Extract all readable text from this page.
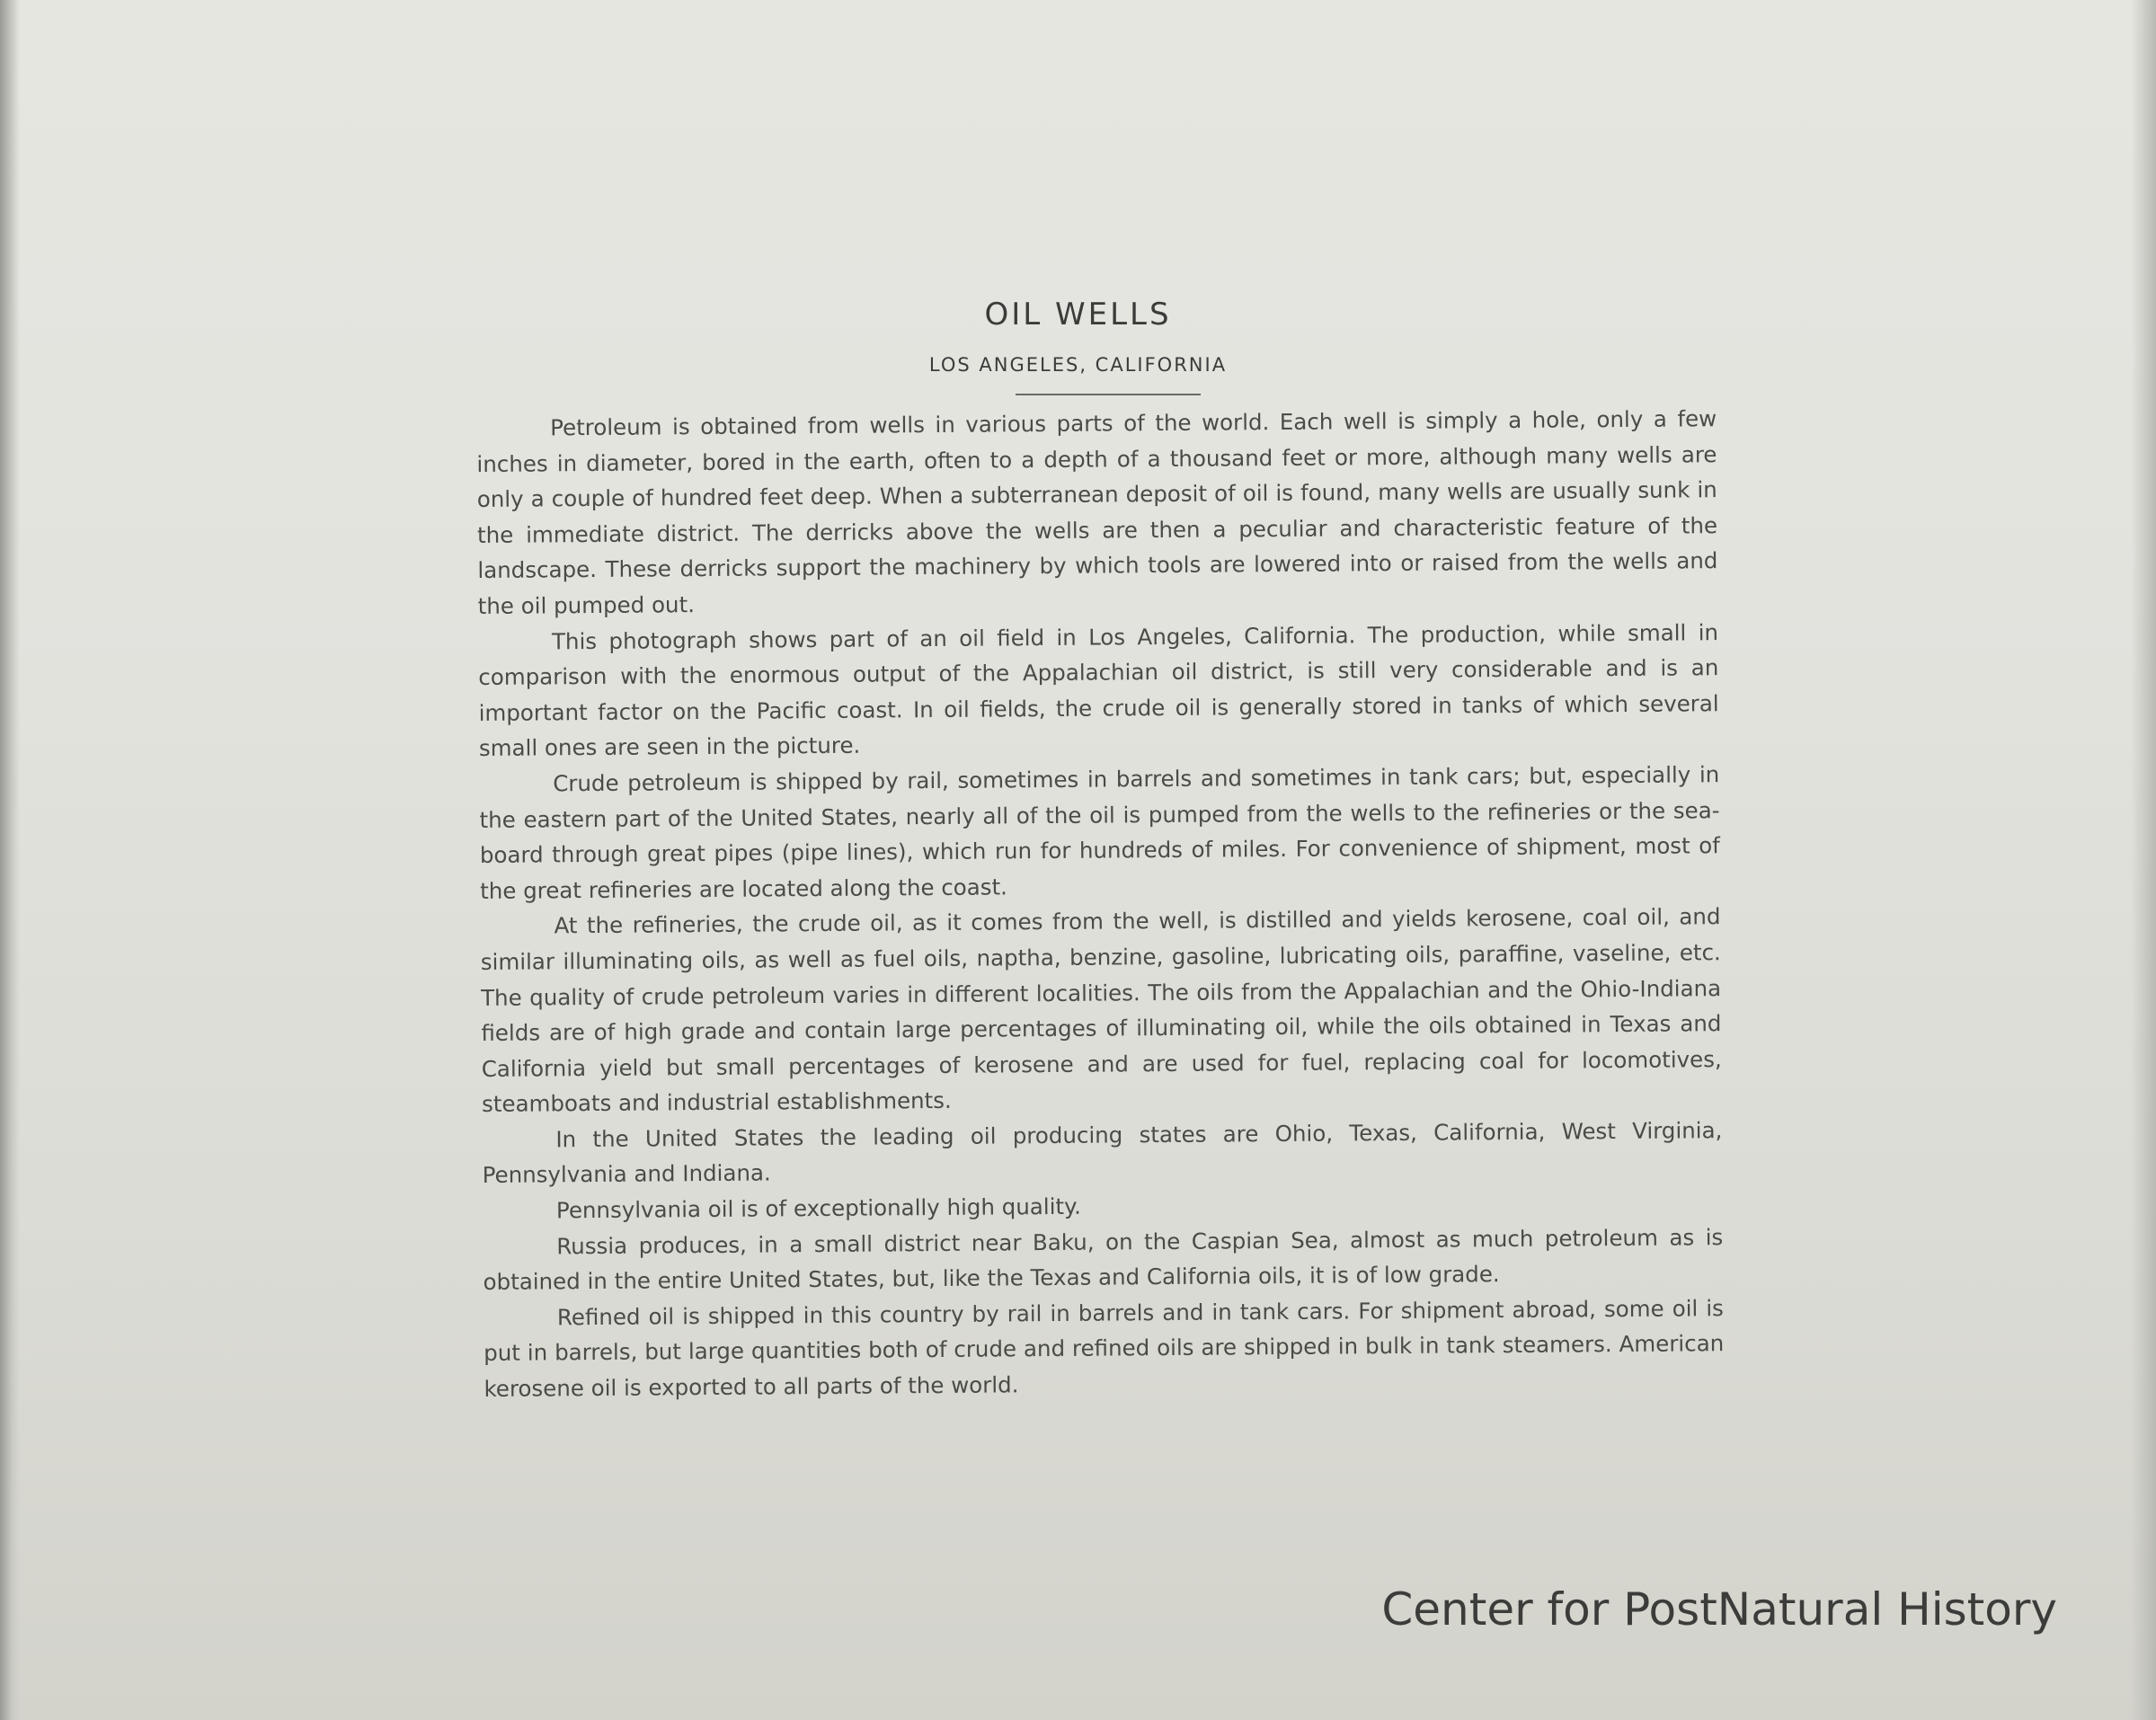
OIL WELLS
LOS ANGELES, CALIFORNIA

Petroleum is obtained from wells in various parts of the world. Each well is simply a hole, only a few inches in diameter, bored in the earth, often to a depth of a thousand feet or more, although many wells are only a couple of hundred feet deep. When a subterranean deposit of oil is found, many wells are usually sunk in the immediate district. The derricks above the wells are then a peculiar and characteristic feature of the landscape. These derricks support the machinery by which tools are lowered into or raised from the wells and the oil pumped out.

This photograph shows part of an oil field in Los Angeles, California. The production, while small in comparison with the enormous output of the Appalachian oil district, is still very considerable and is an important factor on the Pacific coast. In oil fields, the crude oil is generally stored in tanks of which several small ones are seen in the picture.

Crude petroleum is shipped by rail, sometimes in barrels and sometimes in tank cars; but, especially in the eastern part of the United States, nearly all of the oil is pumped from the wells to the refineries or the sea-board through great pipes (pipe lines), which run for hundreds of miles. For convenience of shipment, most of the great refineries are located along the coast.

At the refineries, the crude oil, as it comes from the well, is distilled and yields kerosene, coal oil, and similar illuminating oils, as well as fuel oils, naptha, benzine, gasoline, lubricating oils, paraffine, vaseline, etc. The quality of crude petroleum varies in different localities. The oils from the Appalachian and the Ohio-Indiana fields are of high grade and contain large percentages of illuminating oil, while the oils obtained in Texas and California yield but small percentages of kerosene and are used for fuel, replacing coal for locomotives, steamboats and industrial establishments.

In the United States the leading oil producing states are Ohio, Texas, California, West Virginia, Pennsylvania and Indiana.

Pennsylvania oil is of exceptionally high quality.

Russia produces, in a small district near Baku, on the Caspian Sea, almost as much petroleum as is obtained in the entire United States, but, like the Texas and California oils, it is of low grade.

Refined oil is shipped in this country by rail in barrels and in tank cars. For shipment abroad, some oil is put in barrels, but large quantities both of crude and refined oils are shipped in bulk in tank steamers. American kerosene oil is exported to all parts of the world.

Center for PostNatural History
